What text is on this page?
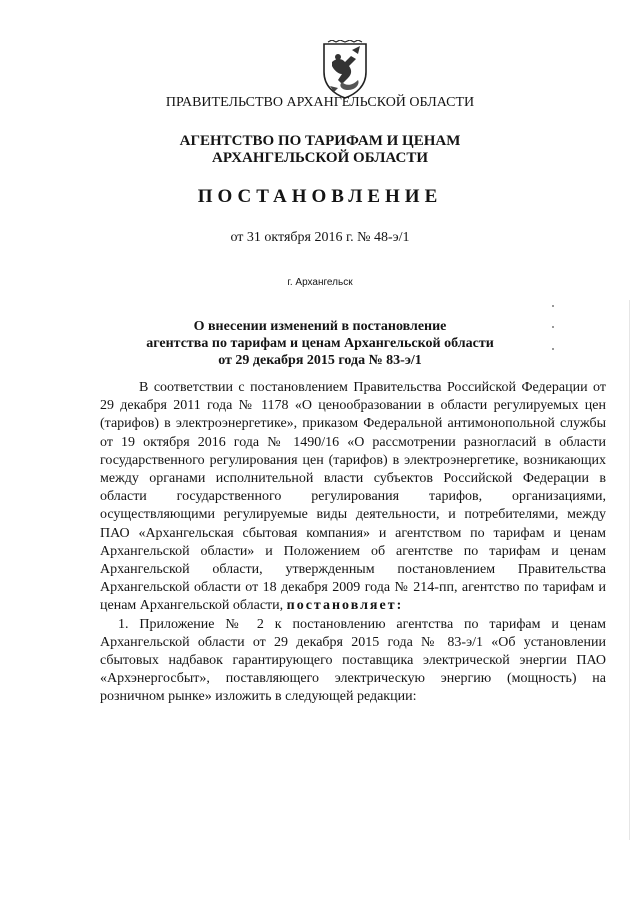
ПРАВИТЕЛЬСТВО АРХАНГЕЛЬСКОЙ ОБЛАСТИ
АГЕНТСТВО ПО ТАРИФАМ И ЦЕНАМ
АРХАНГЕЛЬСКОЙ ОБЛАСТИ
ПОСТАНОВЛЕНИЕ
от 31 октября 2016 г. № 48-э/1
г. Архангельск
О внесении изменений в постановление
агентства по тарифам и ценам Архангельской области
от 29 декабря 2015 года № 83-э/1

В соответствии с постановлением Правительства Российской Федерации от 29 декабря 2011 года № 1178 «О ценообразовании в области регулируемых цен (тарифов) в электроэнергетике», приказом Федеральной антимонопольной службы от 19 октября 2016 года № 1490/16 «О рассмотрении разногласий в области государственного регулирования цен (тарифов) в электроэнергетике, возникающих между органами исполнительной власти субъектов Российской Федерации в области государственного регулирования тарифов, организациями, осуществляющими регулируемые виды деятельности, и потребителями, между ПАО «Архангельская сбытовая компания» и агентством по тарифам и ценам Архангельской области» и Положением об агентстве по тарифам и ценам Архангельской области, утвержденным постановлением Правительства Архангельской области от 18 декабря 2009 года № 214-пп, агентство по тарифам и ценам Архангельской области, постановляет:

1. Приложение № 2 к постановлению агентства по тарифам и ценам Архангельской области от 29 декабря 2015 года № 83-э/1 «Об установлении сбытовых надбавок гарантирующего поставщика электрической энергии ПАО «Архэнергосбыт», поставляющего электрическую энергию (мощность) на розничном рынке» изложить в следующей редакции:
